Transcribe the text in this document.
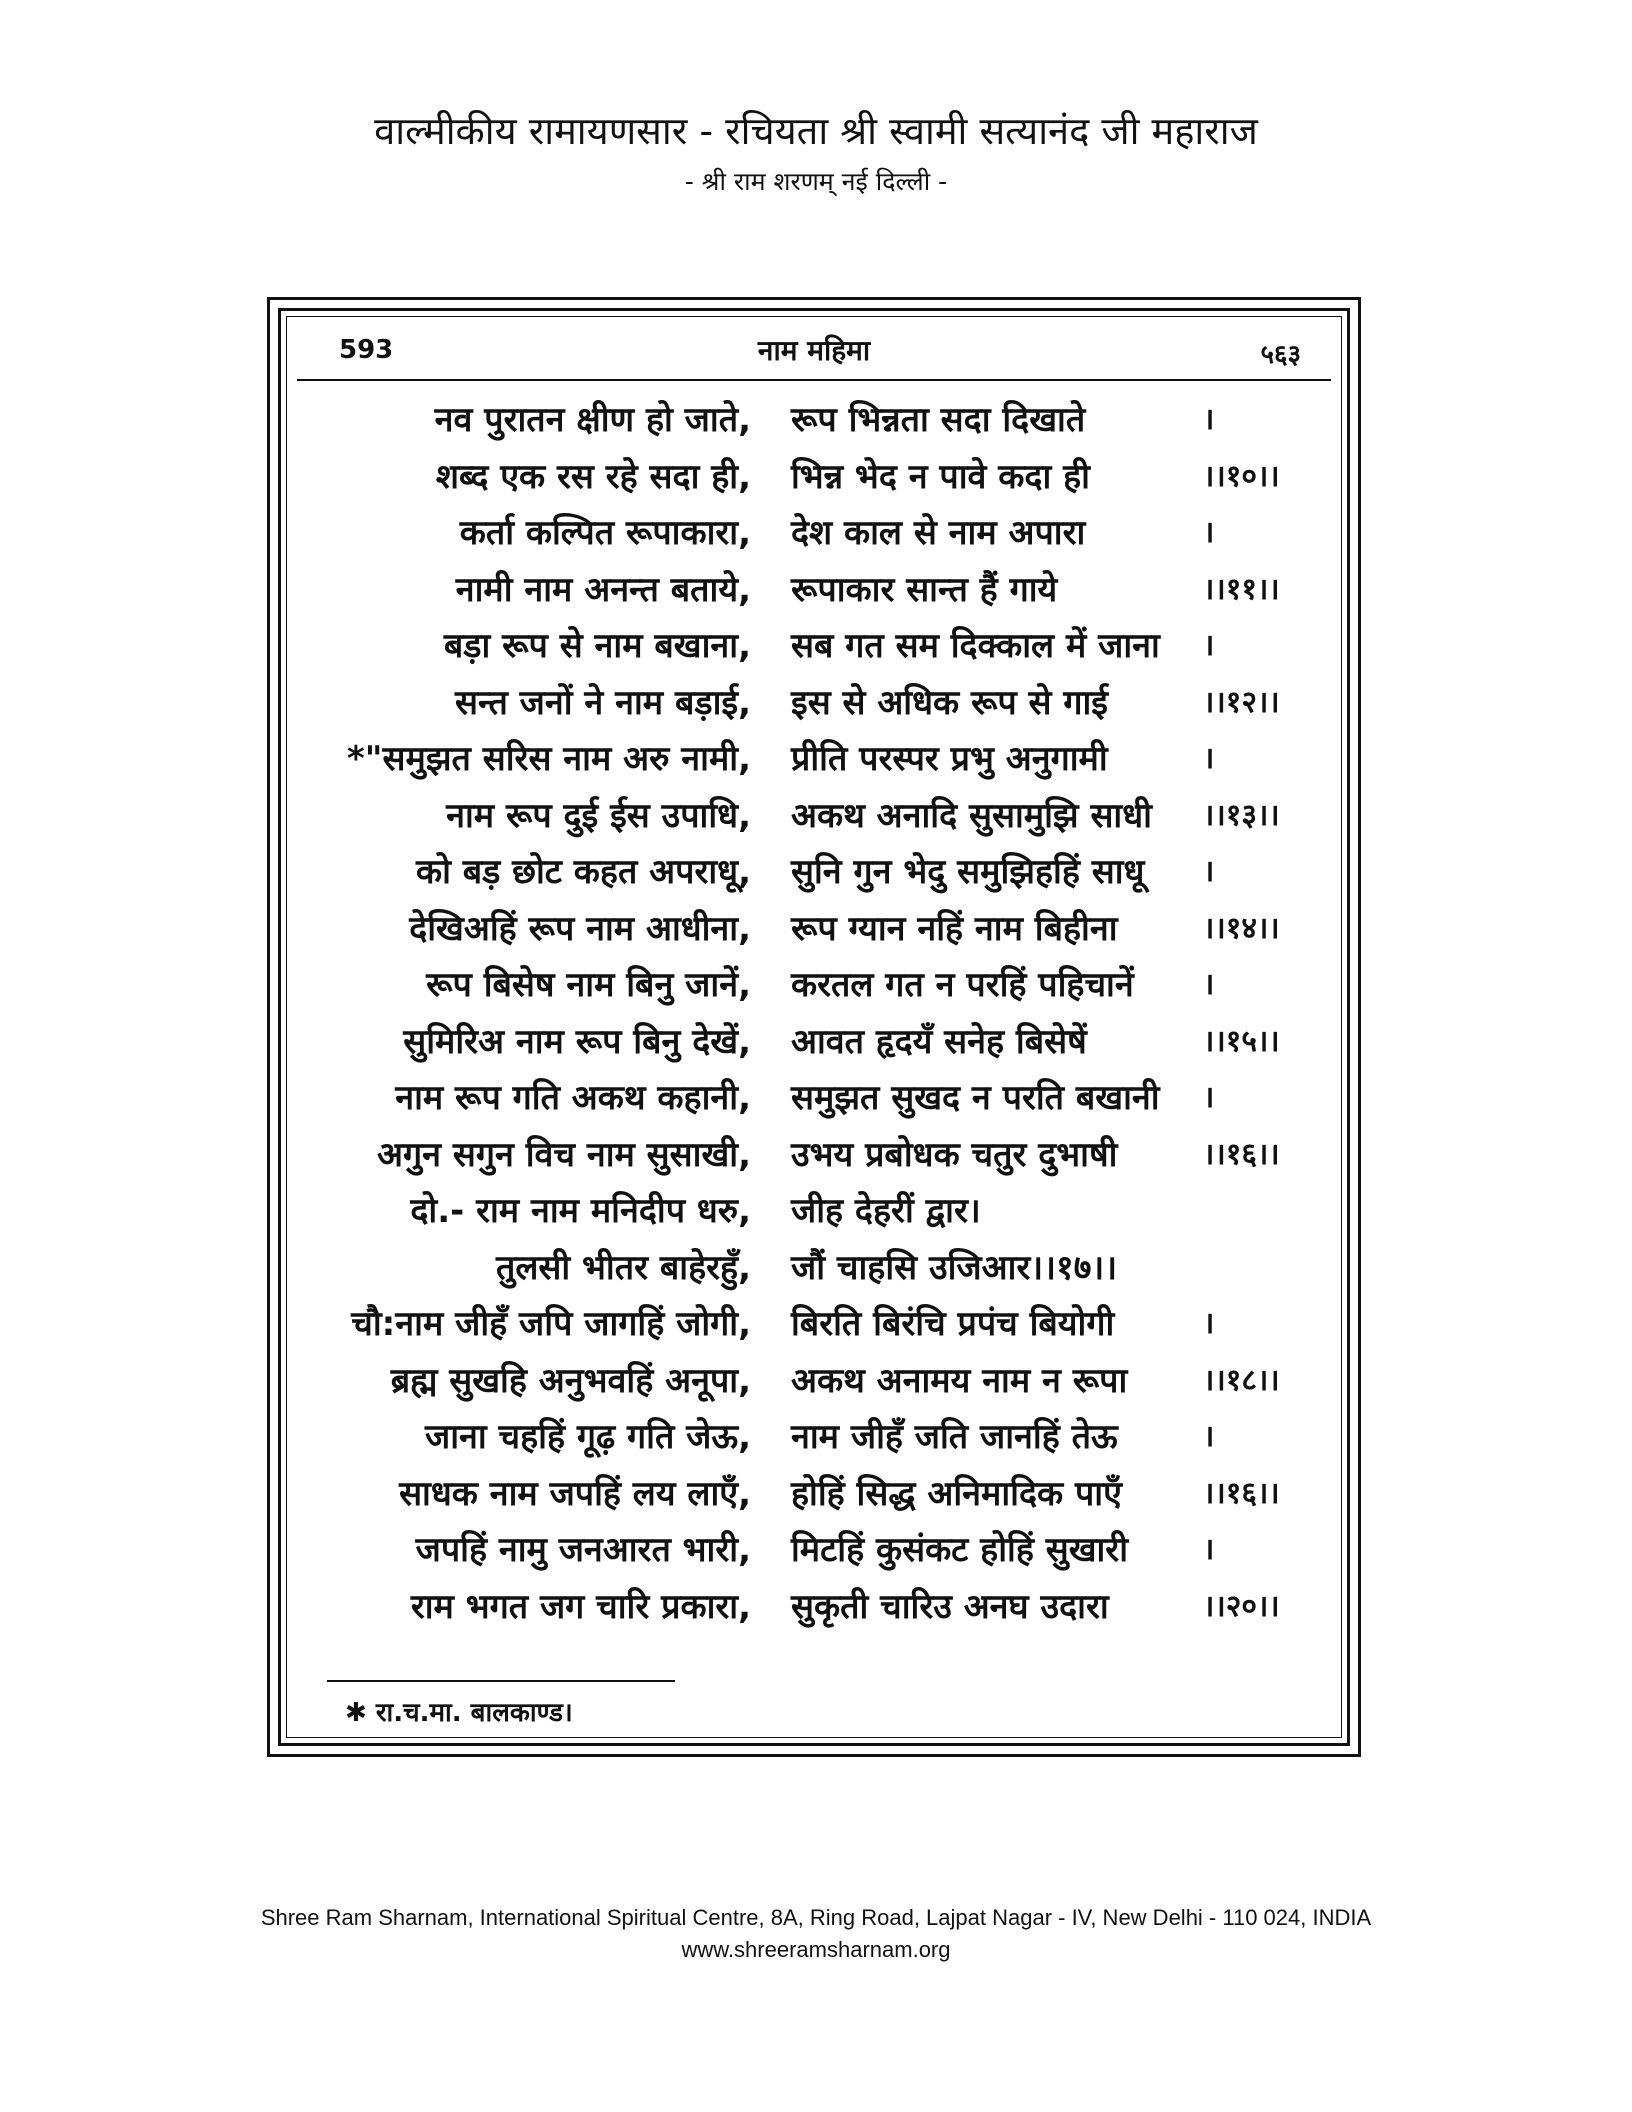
वाल्मीकीय रामायणसार - रचियता श्री स्वामी सत्यानंद जी महाराज
- श्री राम शरणम् नई दिल्ली -
593	नाम महिमा	५६३
नव पुरातन क्षीण हो जाते, रूप भिन्नता सदा दिखाते	।
शब्द एक रस रहे सदा ही, भिन्न भेद न पावे कदा ही	।।१०।।
कर्ता कल्पित रूपाकारा, देश काल से नाम अपारा	।
नामी नाम अनन्त बताये, रूपाकार सान्त हैं गाये	।।११।।
बड़ा रूप से नाम बखाना, सब गत सम दिक्काल में जाना ।
सन्त जनों ने नाम बड़ाई, इस से अधिक रूप से गाई	।।१२।।
*"समुझत सरिस नाम अरु नामी, प्रीति परस्पर प्रभु अनुगामी	।
नाम रूप दुई ईस उपाधि, अकथ अनादि सुसामुझि साधी ।।१३।।
को बड़ छोट कहत अपराधू, सुनि गुन भेदु समुझिहहिं साधू ।
देखिअहिं रूप नाम आधीना, रूप ग्यान नहिं नाम बिहीना	।।१४।।
रूप बिसेष नाम बिनु जानें, करतल गत न परहिं पहिचानें ।
सुमिरिअ नाम रूप बिनु देखें, आवत हृदयँ सनेह बिसेषें	।।१५।।
नाम रूप गति अकथ कहानी, समुझत सुखद न परति बखानी ।
अगुन सगुन विच नाम सुसाखी, उभय प्रबोधक चतुर दुभाषी	।।१६।।
दो.- राम नाम मनिदीप धरु, जीह देहरीं द्वार।
तुलसी भीतर बाहेरहुँ, जौं चाहसि उजिआर।।१७।।
चौ:नाम जीहँ जपि जागहिं जोगी, बिरति बिरंचि प्रपंच बियोगी	।
ब्रह्म सुखहि अनुभवहिं अनूपा, अकथ अनामय नाम न रूपा	।।१८।।
जाना चहहिं गूढ़ गति जेऊ, नाम जीहँ जति जानहिं तेऊ	।
साधक नाम जपहिं लय लाएँ, होहिं सिद्ध अनिमादिक पाएँ	।।१६।।
जपहिं नामु जनआरत भारी, मिटहिं कुसंकट होहिं सुखारी ।
राम भगत जग चारि प्रकारा, सुकृती चारिउ अनघ उदारा	।।२०।।
✱ रा.च.मा. बालकाण्ड।
Shree Ram Sharnam, International Spiritual Centre, 8A, Ring Road, Lajpat Nagar - IV, New Delhi - 110 024, INDIA
www.shreeramsharnam.org
